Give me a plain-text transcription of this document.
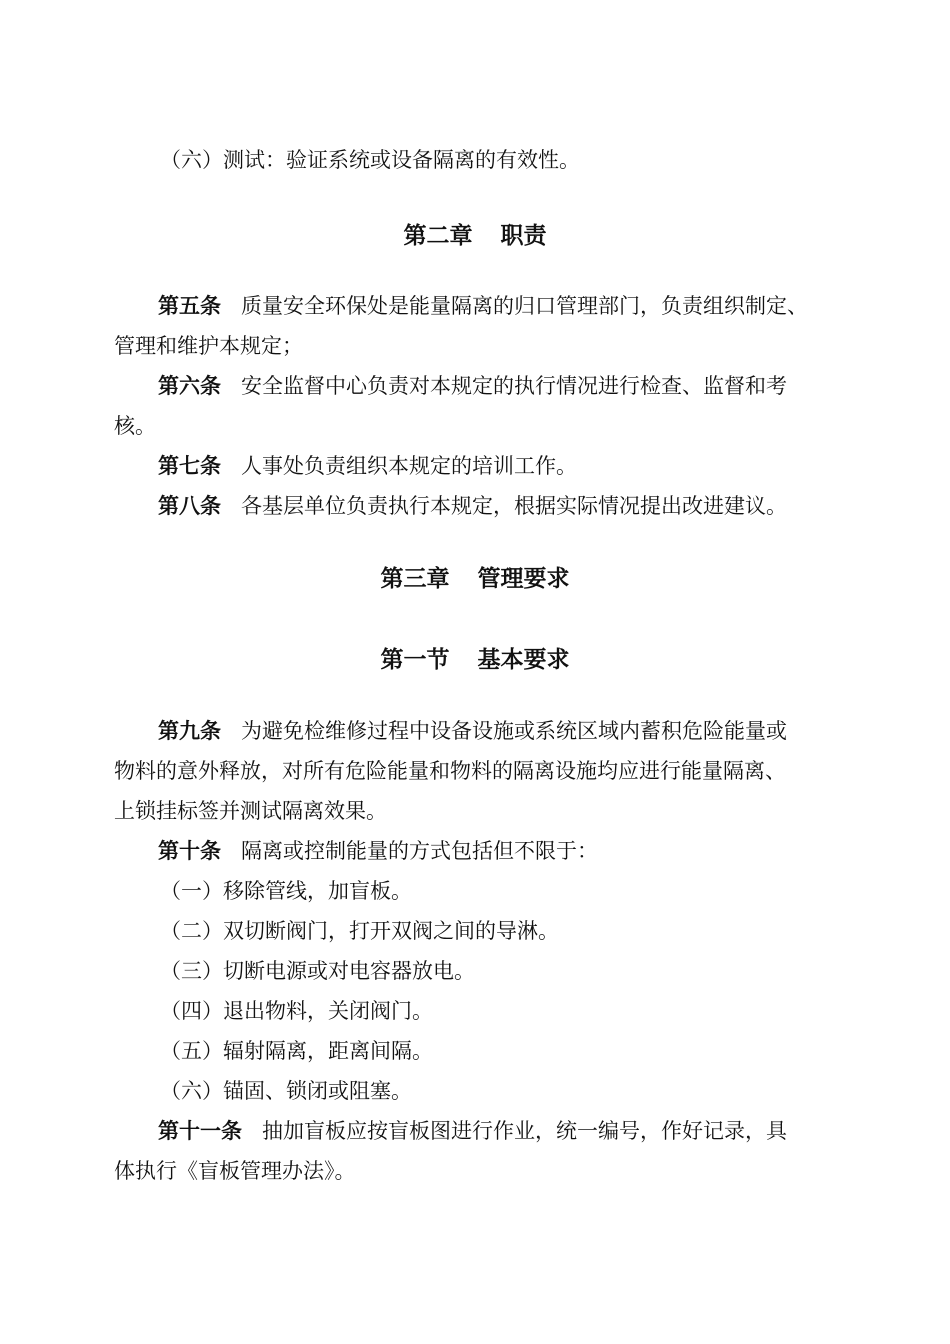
（六）测试：验证系统或设备隔离的有效性。
第二章 职责
第五条 质量安全环保处是能量隔离的归口管理部门，负责组织制定、
管理和维护本规定；
第六条 安全监督中心负责对本规定的执行情况进行检查、监督和考
核。
第七条 人事处负责组织本规定的培训工作。
第八条 各基层单位负责执行本规定，根据实际情况提出改进建议。
第三章 管理要求
第一节 基本要求
第九条 为避免检维修过程中设备设施或系统区域内蓄积危险能量或
物料的意外释放，对所有危险能量和物料的隔离设施均应进行能量隔离、
上锁挂标签并测试隔离效果。
第十条 隔离或控制能量的方式包括但不限于：
（一）移除管线，加盲板。
（二）双切断阀门，打开双阀之间的导淋。
（三）切断电源或对电容器放电。
（四）退出物料，关闭阀门。
（五）辐射隔离，距离间隔。
（六）锚固、锁闭或阻塞。
第十一条 抽加盲板应按盲板图进行作业，统一编号，作好记录，具
体执行《盲板管理办法》。
